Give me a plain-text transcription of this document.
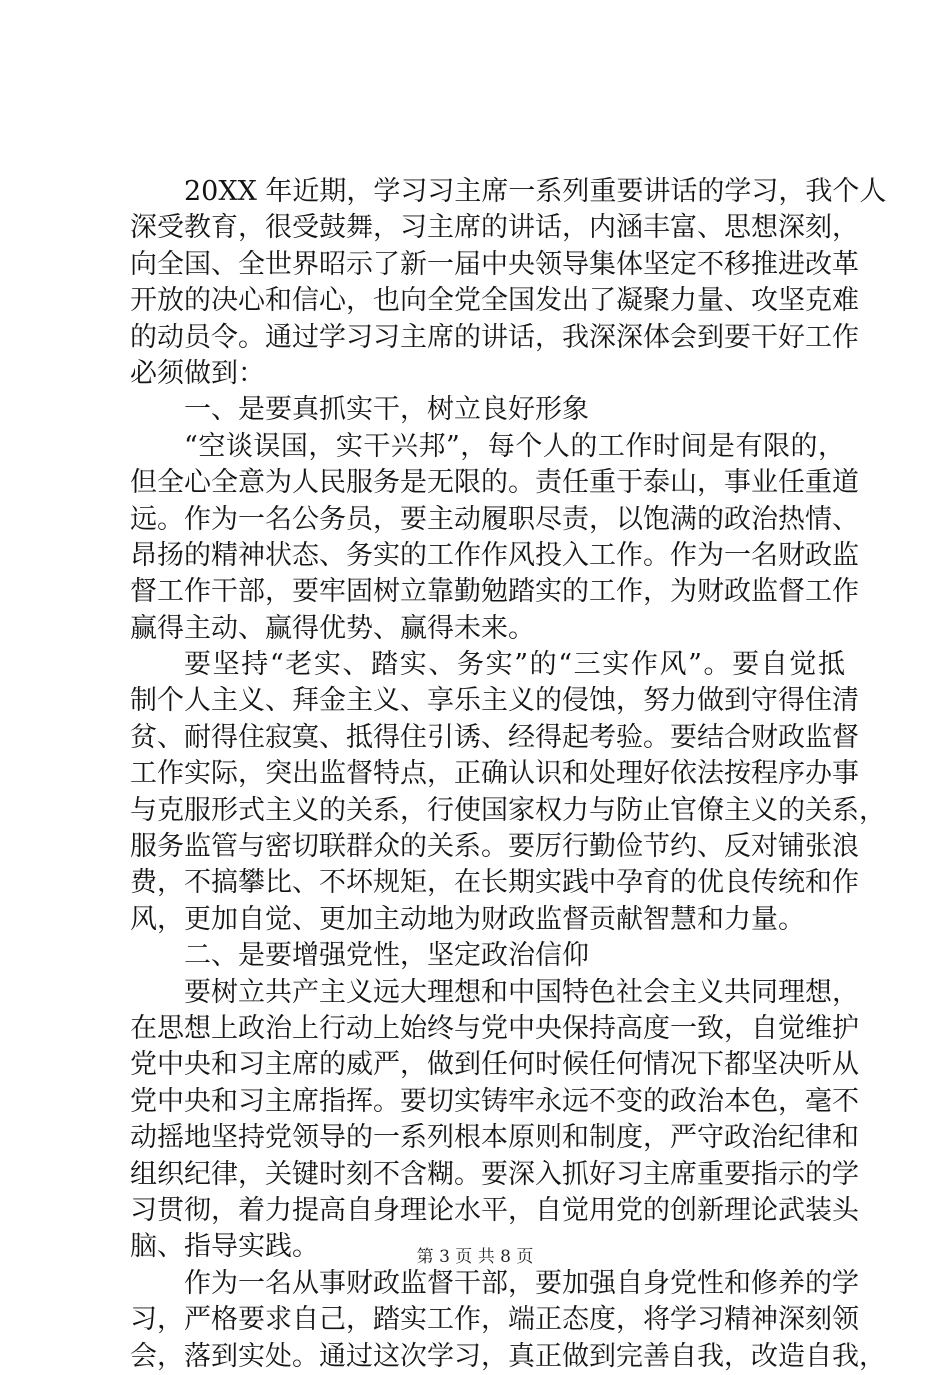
20XX 年近期，学习习主席一系列重要讲话的学习，我个人
深受教育，很受鼓舞，习主席的讲话，内涵丰富、思想深刻，
向全国、全世界昭示了新一届中央领导集体坚定不移推进改革
开放的决心和信心，也向全党全国发出了凝聚力量、攻坚克难
的动员令。通过学习习主席的讲话，我深深体会到要干好工作
必须做到：
一、是要真抓实干，树立良好形象
“空谈误国，实干兴邦”，每个人的工作时间是有限的，
但全心全意为人民服务是无限的。责任重于泰山，事业任重道
远。作为一名公务员，要主动履职尽责，以饱满的政治热情、
昂扬的精神状态、务实的工作作风投入工作。作为一名财政监
督工作干部，要牢固树立靠勤勉踏实的工作，为财政监督工作
赢得主动、赢得优势、赢得未来。
要坚持“老实、踏实、务实”的“三实作风”。要自觉抵
制个人主义、拜金主义、享乐主义的侵蚀，努力做到守得住清
贫、耐得住寂寞、抵得住引诱、经得起考验。要结合财政监督
工作实际，突出监督特点，正确认识和处理好依法按程序办事
与克服形式主义的关系，行使国家权力与防止官僚主义的关系，
服务监管与密切联群众的关系。要厉行勤俭节约、反对铺张浪
费，不搞攀比、不坏规矩，在长期实践中孕育的优良传统和作
风，更加自觉、更加主动地为财政监督贡献智慧和力量。
二、是要增强党性，坚定政治信仰
要树立共产主义远大理想和中国特色社会主义共同理想，
在思想上政治上行动上始终与党中央保持高度一致，自觉维护
党中央和习主席的威严，做到任何时候任何情况下都坚决听从
党中央和习主席指挥。要切实铸牢永远不变的政治本色，毫不
动摇地坚持党领导的一系列根本原则和制度，严守政治纪律和
组织纪律，关键时刻不含糊。要深入抓好习主席重要指示的学
习贯彻，着力提高自身理论水平，自觉用党的创新理论武装头
脑、指导实践。
作为一名从事财政监督干部，要加强自身党性和修养的学
习，严格要求自己，踏实工作，端正态度，将学习精神深刻领
会，落到实处。通过这次学习，真正做到完善自我，改造自我，
第 3 页 共 8 页
